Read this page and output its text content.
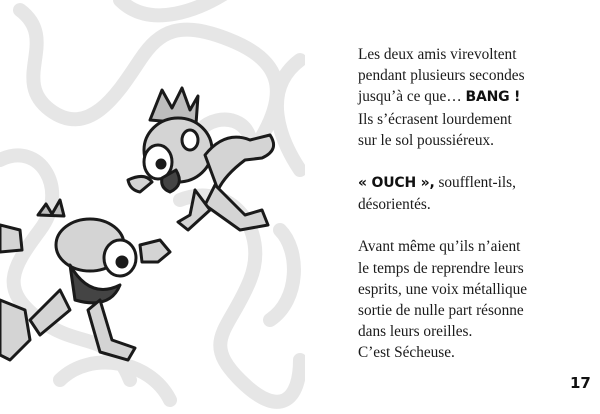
Les deux amis virevoltent
pendant plusieurs secondes
jusqu’à ce que… BANG !
Ils s’écrasent lourdement
sur le sol poussiéreux.
« OUCH », soufflent-ils,
désorientés.
Avant même qu’ils n’aient
le temps de reprendre leurs
esprits, une voix métallique
sortie de nulle part résonne
dans leurs oreilles.
C’est Sécheuse.
17
